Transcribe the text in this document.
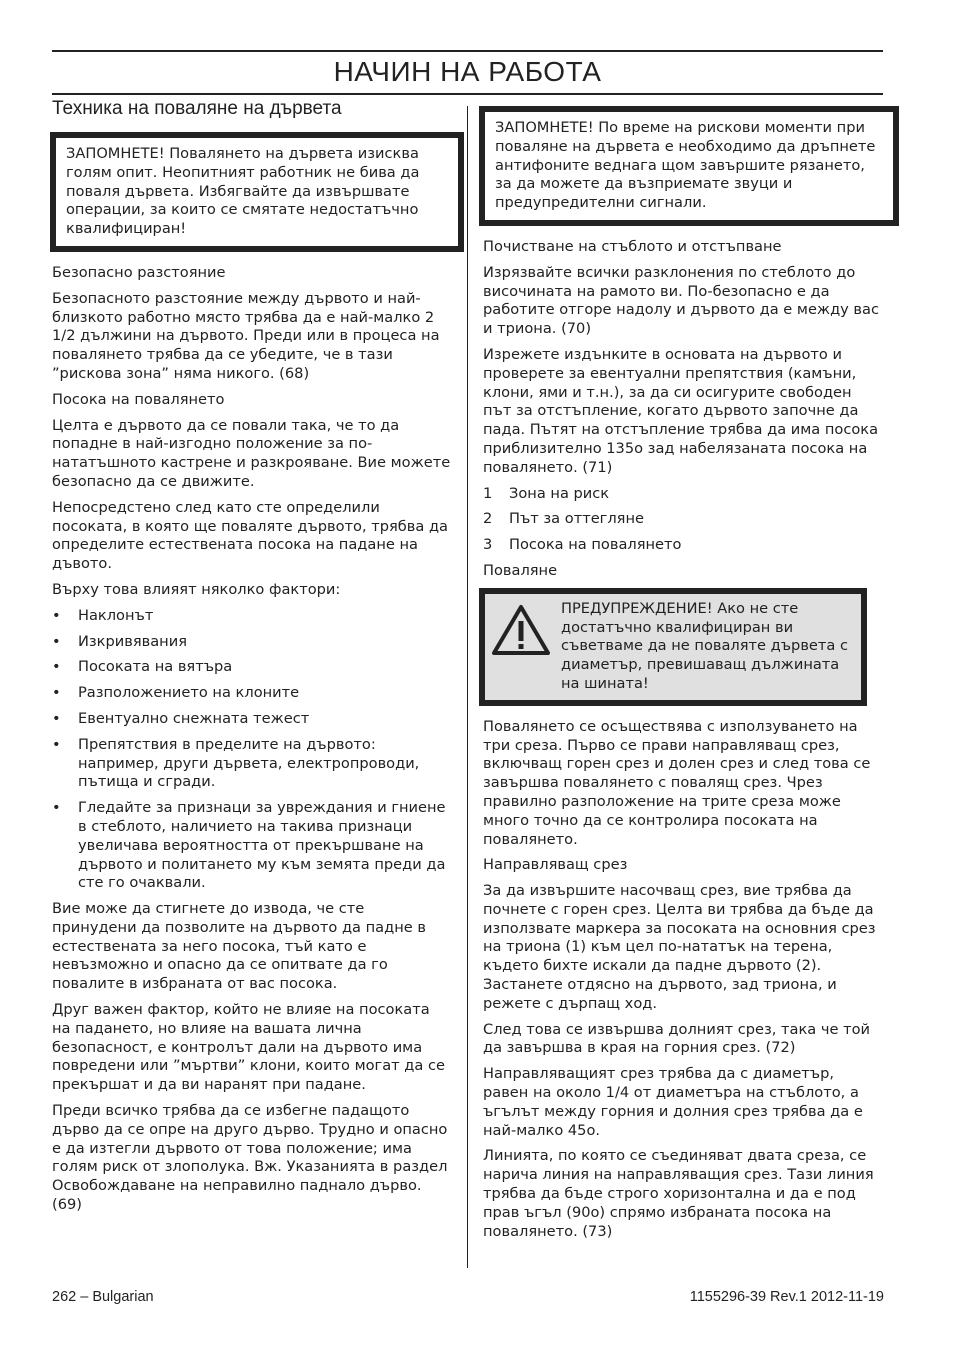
НАЧИН НА РАБОТА
Техника на поваляне на дървета

ЗАПОМНЕТЕ! Повалянето на дървета изисква голям опит. Неопитният работник не бива да поваля дървета. Избягвайте да извършвате операции, за които се смятате недостатъчно квалифициран!

Безопасно разстояние

Безопасното разстояние между дървото и най-близкото работно място трябва да е най-малко 2 1/2 дължини на дървото. Преди или в процеса на повалянето трябва да се убедите, че в тази ”рискова зона” няма никого. (68)

Посока на повалянето

Целта е дървото да се повали така, че то да попадне в най-изгодно положение за по-нататъшното кастрене и разкрояване. Вие можете безопасно да се движите.

Непосредстено след като сте определили посоката, в която ще поваляте дървото, трябва да определите естествената посока на падане на дъвото.

Върху това влияят няколко фактори:

• Наклонът
• Изкривявания
• Посоката на вятъра
• Разположението на клоните
• Евентуално снежната тежест
• Препятствия в пределите на дървото: например, други дървета, електропроводи, пътища и сгради.
• Гледайте за признаци за увреждания и гниене в стеблото, наличието на такива признаци увеличава вероятността от прекършване на дървото и политането му към земята преди да сте го очаквали.

Вие може да стигнете до извода, че сте принудени да позволите на дървото да падне в естествената за него посока, тъй като е невъзможно и опасно да се опитвате да го повалите в избраната от вас посока.

Друг важен фактор, който не влияе на посоката на падането, но влияе на вашата лична безопасност, е контролът дали на дървото има повредени или ”мъртви” клони, които могат да се прекършат и да ви наранят при падане.

Преди всичко трябва да се избегне падащото дърво да се опре на друго дърво. Трудно и опасно е да изтегли дървото от това положение; има голям риск от злополука. Вж. Указанията в раздел Освобождаване на неправилно паднало дърво. (69)

ЗАПОМНЕТЕ! По време на рискови моменти при поваляне на дървета е необходимо да дръпнете антифоните веднага щом завършите рязането, за да можете да възприемате звуци и предупредителни сигнали.

Почистване на стъблото и отстъпване

Изрязвайте всички разклонения по стеблото до височината на рамото ви. По-безопасно е да работите отгоре надолу и дървото да е между вас и триона. (70)

Изрежете издънките в основата на дървото и проверете за евентуални препятствия (камъни, клони, ями и т.н.), за да си осигурите свободен път за отстъпление, когато дървото започне да пада. Пътят на отстъпление трябва да има посока приблизително 135о зад набелязаната посока на повалянето. (71)

1 Зона на риск
2 Път за оттегляне
3 Посока на повалянето

Поваляне

ПРЕДУПРЕЖДЕНИЕ! Ако не сте достатъчно квалифициран ви съветваме да не поваляте дървета с диаметър, превишаващ дължината на шината!

Повалянето се осъществява с използуването на три среза. Първо се прави направляващ срез, включващ горен срез и долен срез и след това се завършва повалянето с повалящ срез. Чрез правилно разположение на трите среза може много точно да се контролира посоката на повалянето.

Направляващ срез

За да извършите насочващ срез, вие трябва да почнете с горен срез. Целта ви трябва да бъде да използвате маркера за посоката на основния срез на триона (1) към цел по-нататък на терена, където бихте искали да падне дървото (2). Застанете отдясно на дървото, зад триона, и режете с дърпащ ход.

След това се извършва долният срез, така че той да завършва в края на горния срез. (72)

Направляващият срез трябва да с диаметър, равен на около 1/4 от диаметъра на стъблото, а ъгълът между горния и долния срез трябва да е най-малко 45о.

Линията, по която се съединяват двата среза, се нарича линия на направляващия срез. Тази линия трябва да бъде строго хоризонтална и да е под прав ъгъл (90о) спрямо избраната посока на повалянето. (73)

262 – Bulgarian	1155296-39 Rev.1 2012-11-19
